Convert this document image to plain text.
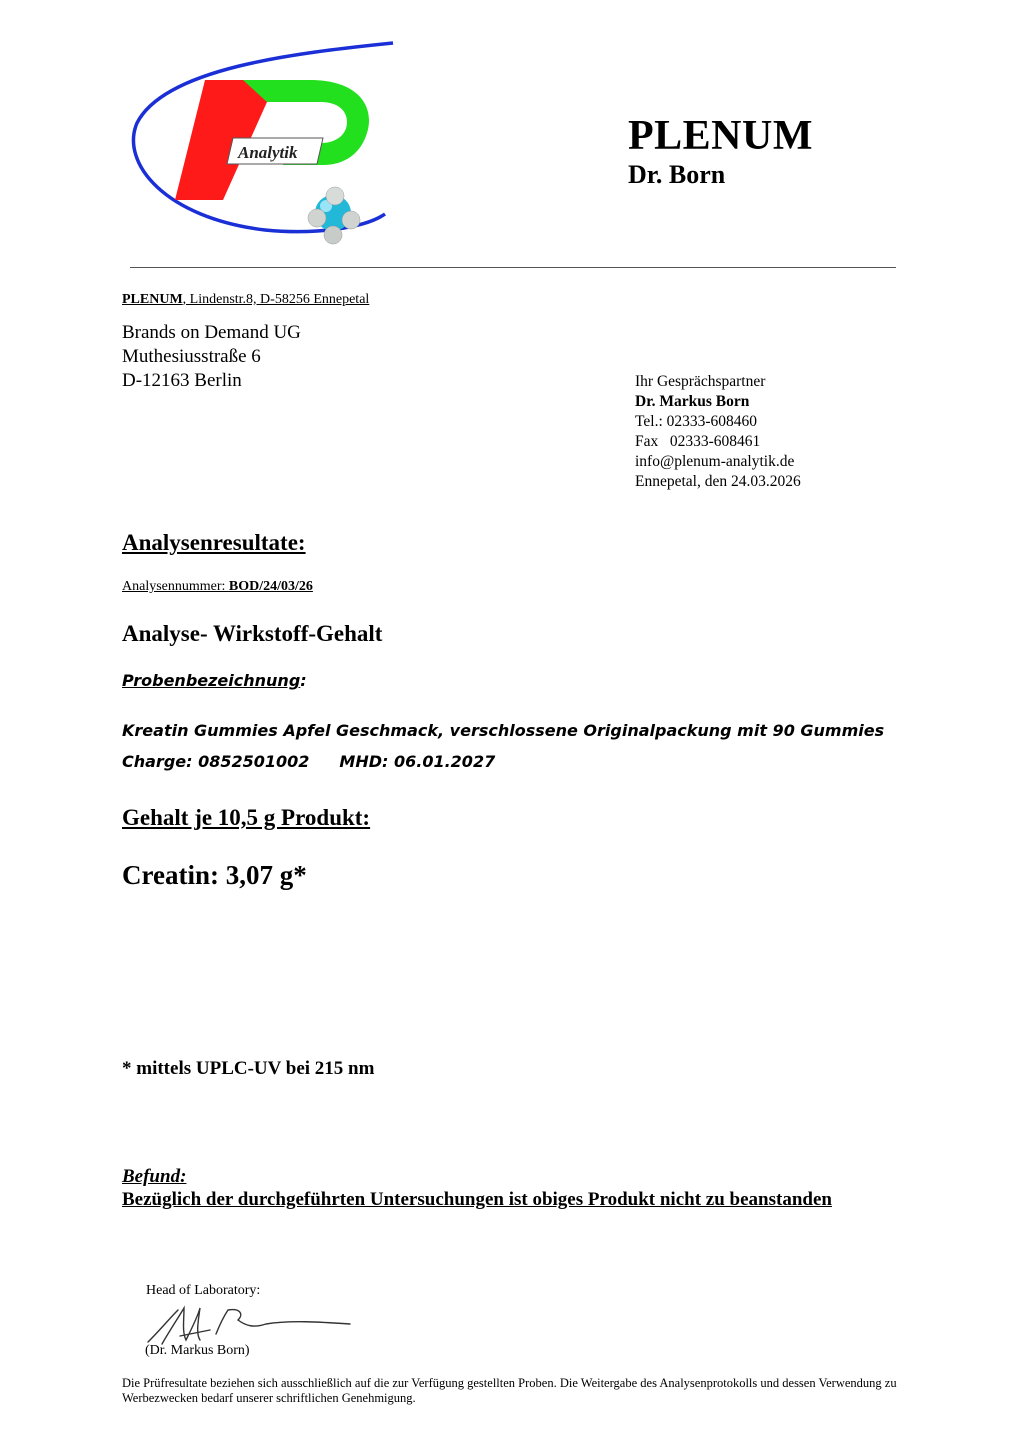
Analytik	PLENUM
Dr. Born
PLENUM, Lindenstr.8, D-58256 Ennepetal
Brands on Demand UG
Muthesiusstraße 6
D-12163 Berlin	Ihr Gesprächspartner
Dr. Markus Born
Tel.: 02333-608460
Fax   02333-608461
info@plenum-analytik.de
Ennepetal, den 24.03.2026
Analysenresultate:
Analysennummer: BOD/24/03/26
Analyse- Wirkstoff-Gehalt
Probenbezeichnung:
Kreatin Gummies Apfel Geschmack, verschlossene Originalpackung mit 90 Gummies
Charge: 0852501002 MHD: 06.01.2027
Gehalt je 10,5 g Produkt:
Creatin: 3,07 g*
* mittels UPLC-UV bei 215 nm
Befund:
Bezüglich der durchgeführten Untersuchungen ist obiges Produkt nicht zu beanstanden
Head of Laboratory:
(Dr. Markus Born)
Die Prüfresultate beziehen sich ausschließlich auf die zur Verfügung gestellten Proben. Die Weitergabe des Analysenprotokolls und dessen Verwendung zu Werbezwecken bedarf unserer schriftlichen Genehmigung.
